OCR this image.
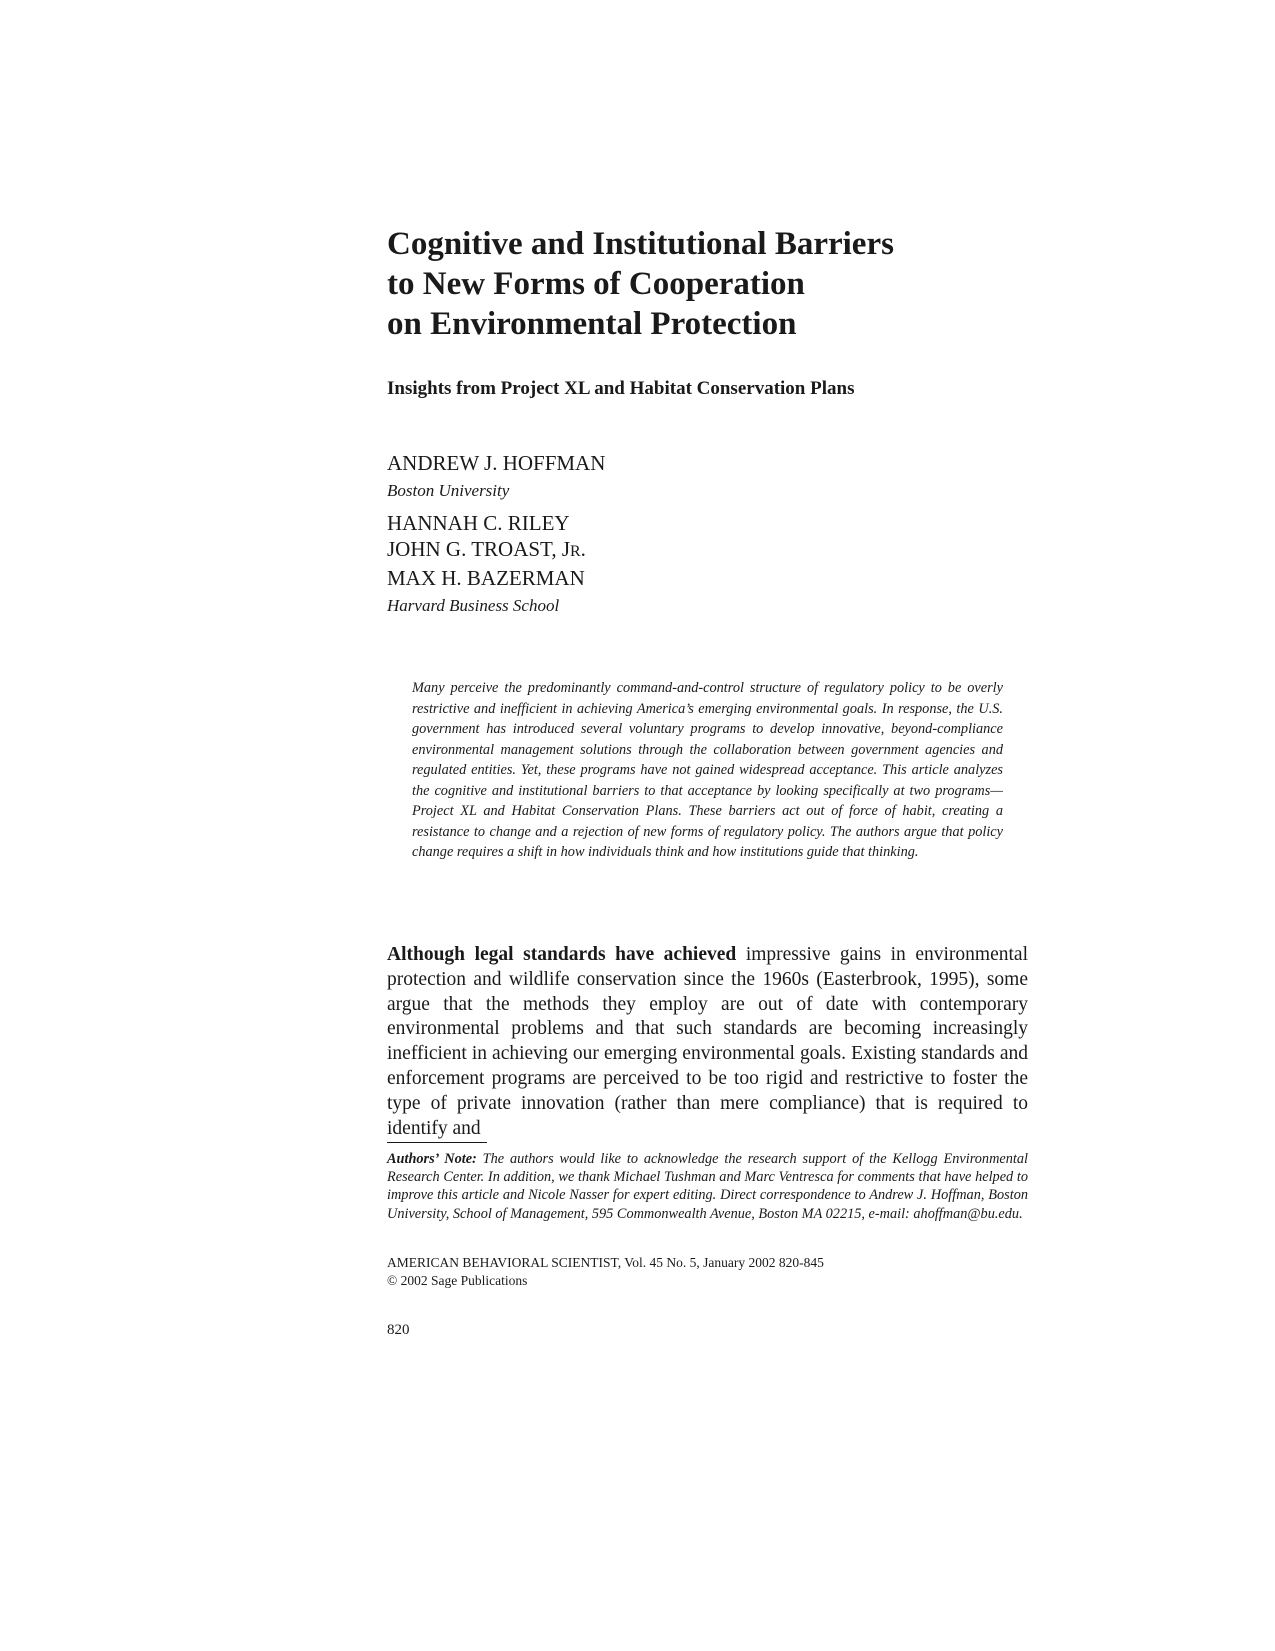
Cognitive and Institutional Barriers
to New Forms of Cooperation
on Environmental Protection
Insights from Project XL and Habitat Conservation Plans
ANDREW J. HOFFMAN
Boston University
HANNAH C. RILEY
JOHN G. TROAST, JR.
MAX H. BAZERMAN
Harvard Business School

Many perceive the predominantly command-and-control structure of regulatory policy to be overly restrictive and inefficient in achieving America’s emerging environmental goals. In response, the U.S. government has introduced several voluntary programs to develop innovative, beyond-compliance environmental management solutions through the collaboration between government agencies and regulated entities. Yet, these programs have not gained widespread acceptance. This article analyzes the cognitive and institutional barriers to that acceptance by looking specifically at two programs—Project XL and Habitat Conservation Plans. These barriers act out of force of habit, creating a resistance to change and a rejection of new forms of regulatory policy. The authors argue that policy change requires a shift in how individuals think and how institutions guide that thinking.

Although legal standards have achieved impressive gains in environmental protection and wildlife conservation since the 1960s (Easterbrook, 1995), some argue that the methods they employ are out of date with contemporary environmental problems and that such standards are becoming increasingly inefficient in achieving our emerging environmental goals. Existing standards and enforcement programs are perceived to be too rigid and restrictive to foster the type of private innovation (rather than mere compliance) that is required to identify and

Authors’ Note: The authors would like to acknowledge the research support of the Kellogg Environmental Research Center. In addition, we thank Michael Tushman and Marc Ventresca for comments that have helped to improve this article and Nicole Nasser for expert editing. Direct correspondence to Andrew J. Hoffman, Boston University, School of Management, 595 Commonwealth Avenue, Boston MA 02215, e-mail: ahoffman@bu.edu.

AMERICAN BEHAVIORAL SCIENTIST, Vol. 45 No. 5, January 2002 820-845
© 2002 Sage Publications

820
